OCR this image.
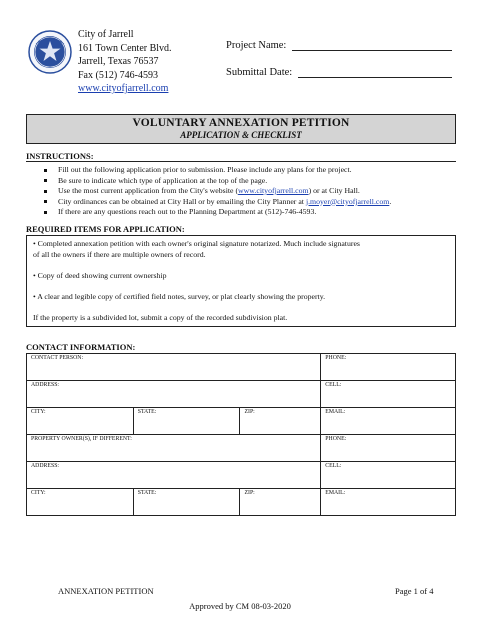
City of Jarrell
161 Town Center Blvd.
Jarrell, Texas 76537
Fax (512) 746-4593
www.cityofjarrell.com
Project Name:
Submittal Date:
VOLUNTARY ANNEXATION PETITION
APPLICATION & CHECKLIST
INSTRUCTIONS:
Fill out the following application prior to submission. Please include any plans for the project.
Be sure to indicate which type of application at the top of the page.
Use the most current application from the City's website (www.cityofjarrell.com) or at City Hall.
City ordinances can be obtained at City Hall or by emailing the City Planner at j.moyer@cityofjarrell.com.
If there are any questions reach out to the Planning Department at (512)-746-4593.
REQUIRED ITEMS FOR APPLICATION:
• Completed annexation petition with each owner's original signature notarized. Much include signatures
of all the owners if there are multiple owners of record.
• Copy of deed showing current ownership
• A clear and legible copy of certified field notes, survey, or plat clearly showing the property.
If the property is a subdivided lot, submit a copy of the recorded subdivision plat.
CONTACT INFORMATION:
CONTACT PERSON:			PHONE:
ADDRESS:			CELL:
CITY:	STATE:	ZIP:	EMAIL:
PROPERTY OWNER(S), IF DIFFERENT:			PHONE:
ADDRESS:			CELL:
CITY:	STATE:	ZIP:	EMAIL:
ANNEXATION PETITION	Page 1 of 4
Approved by CM 08-03-2020
